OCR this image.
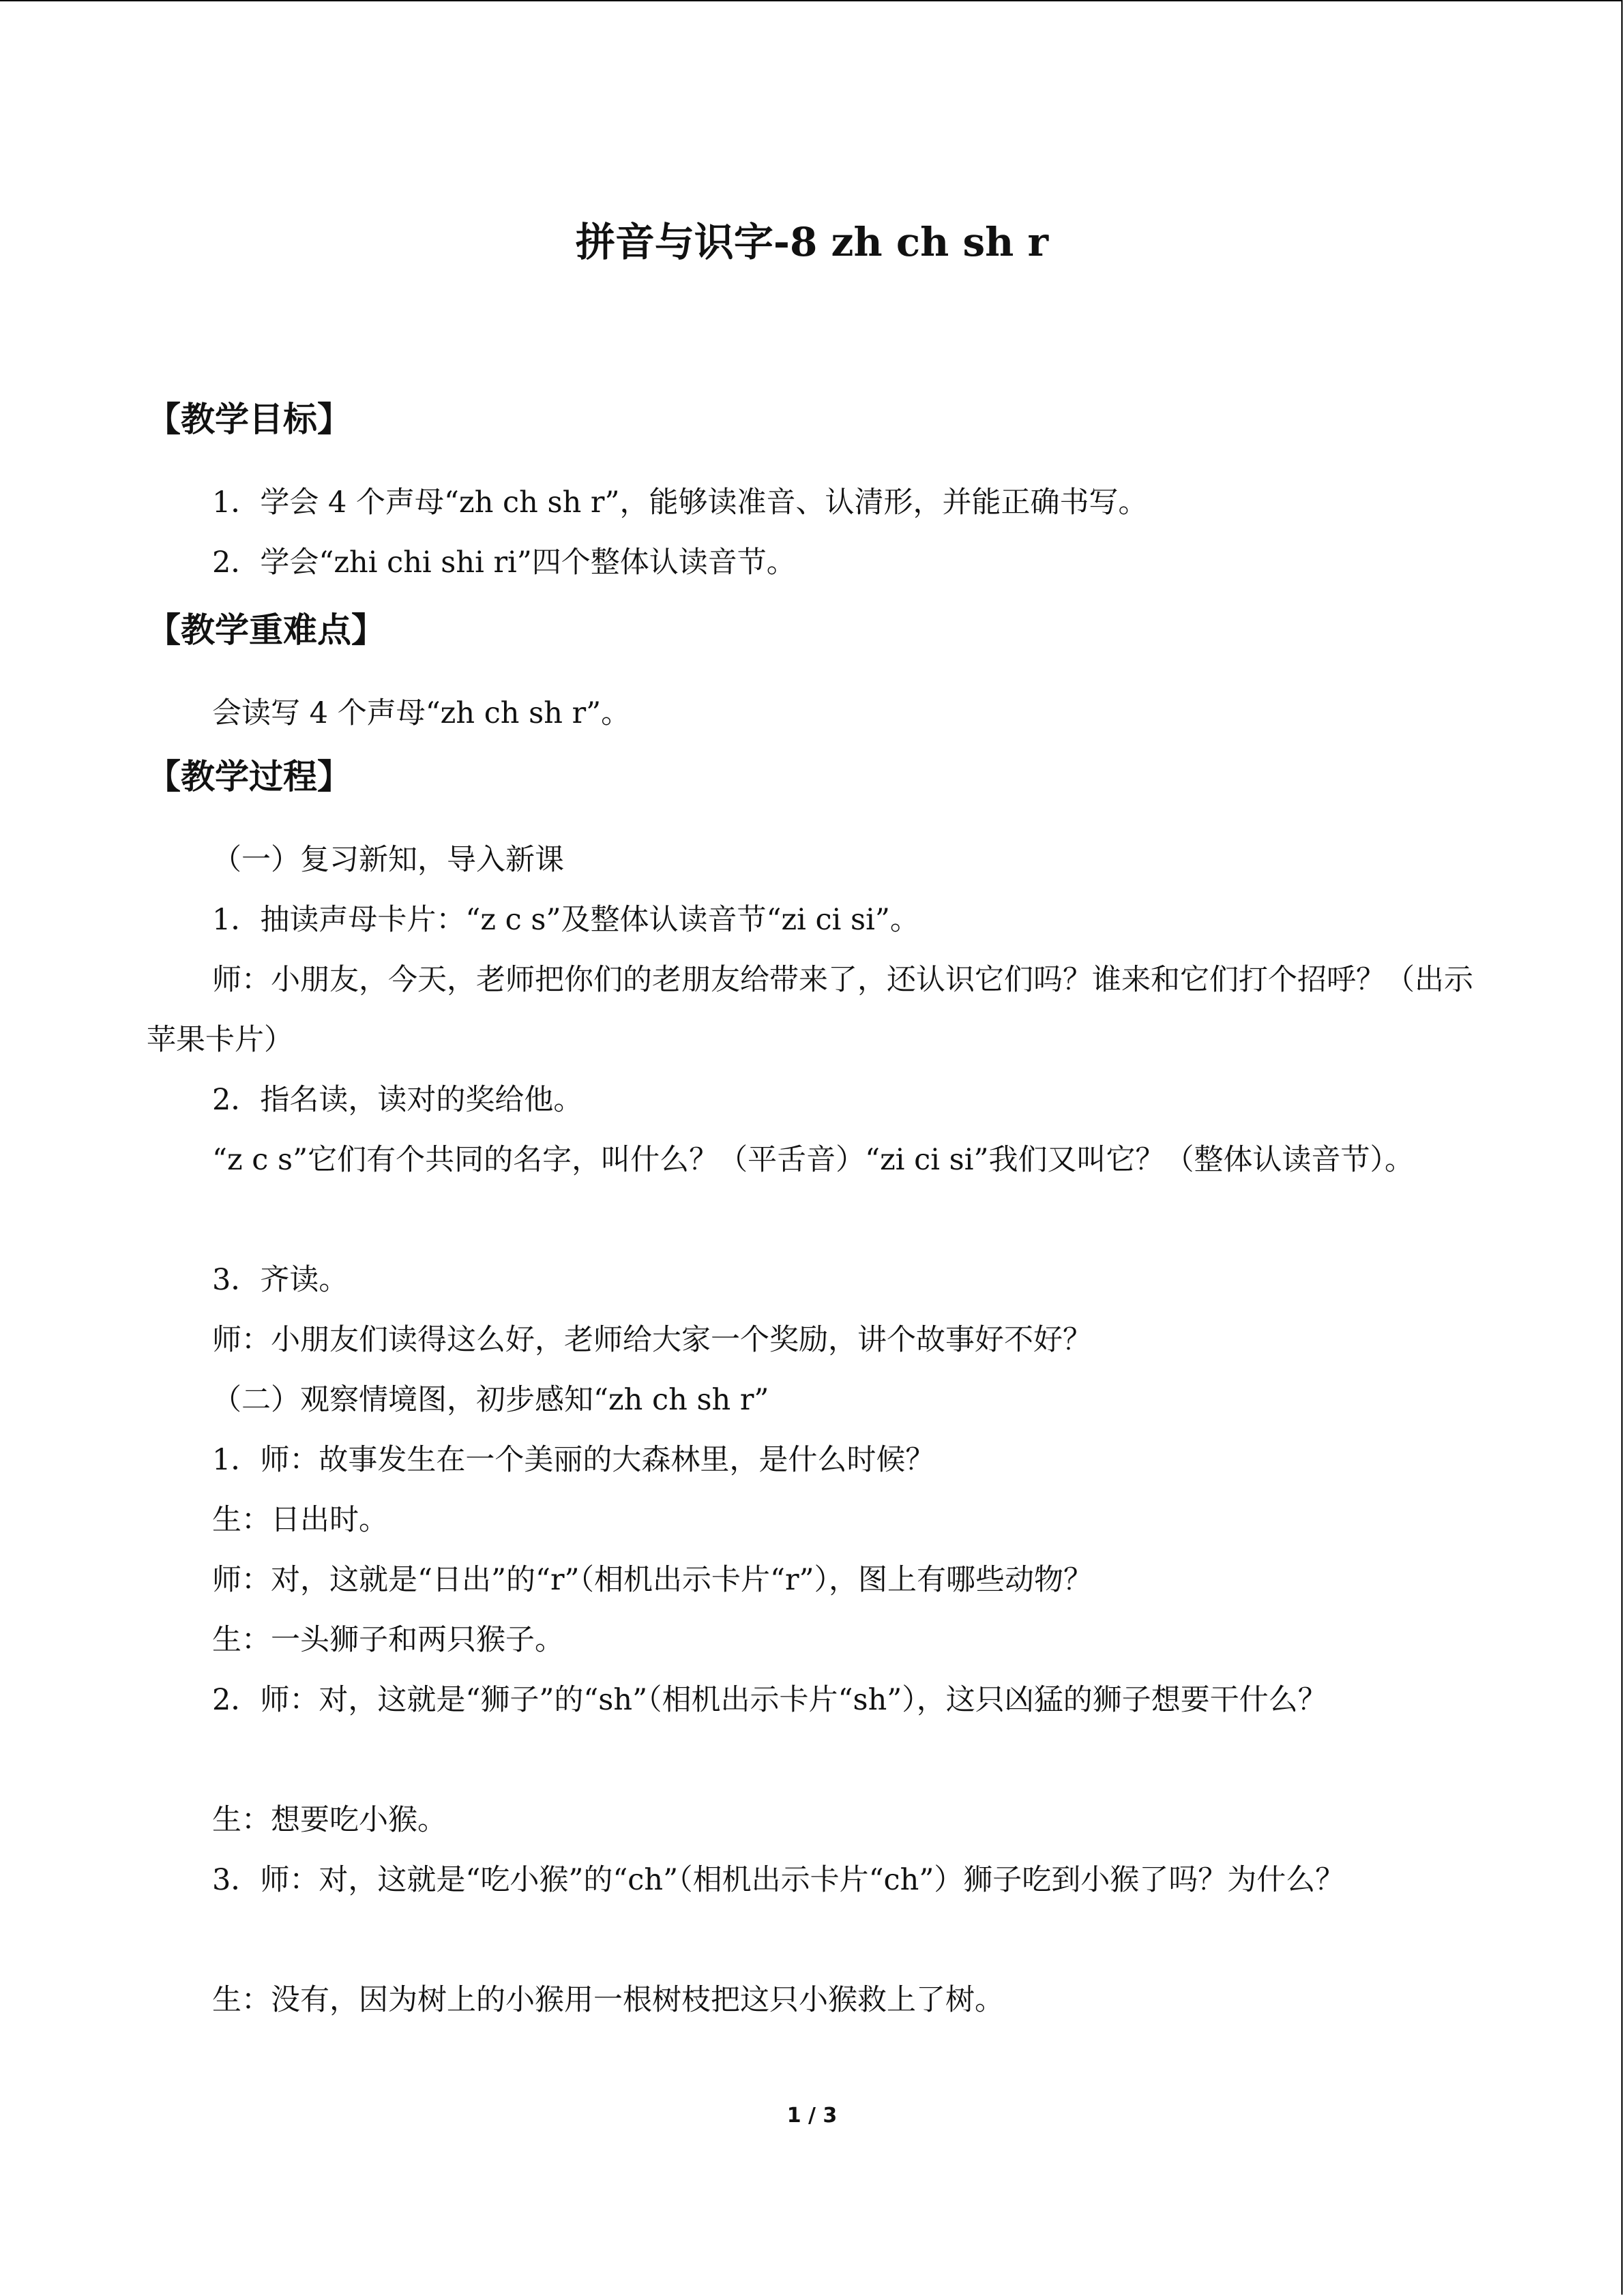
拼音与识字-8 zh ch sh r
【教学目标】

1．学会 4 个声母“zh ch sh r”，能够读准音、认清形，并能正确书写。

2．学会“zhi chi shi ri”四个整体认读音节。

【教学重难点】

会读写 4 个声母“zh ch sh r”。

【教学过程】

（一）复习新知，导入新课

1．抽读声母卡片：“z c s”及整体认读音节“zi ci si”。

师：小朋友，今天，老师把你们的老朋友给带来了，还认识它们吗？谁来和它们打个招呼？（出示苹果卡片）

2．指名读，读对的奖给他。

“z c s”它们有个共同的名字，叫什么？（平舌音）“zi ci si”我们又叫它？（整体认读音节）。

3．齐读。

师：小朋友们读得这么好，老师给大家一个奖励，讲个故事好不好？

（二）观察情境图，初步感知“zh ch sh r”

1．师：故事发生在一个美丽的大森林里，是什么时候？

生：日出时。

师：对，这就是“日出”的“r”（相机出示卡片“r”），图上有哪些动物？

生：一头狮子和两只猴子。

2．师：对，这就是“狮子”的“sh”（相机出示卡片“sh”），这只凶猛的狮子想要干什么？

生：想要吃小猴。

3．师：对，这就是“吃小猴”的“ch”（相机出示卡片“ch”）狮子吃到小猴了吗？为什么？

生：没有，因为树上的小猴用一根树枝把这只小猴救上了树。

1 / 3
